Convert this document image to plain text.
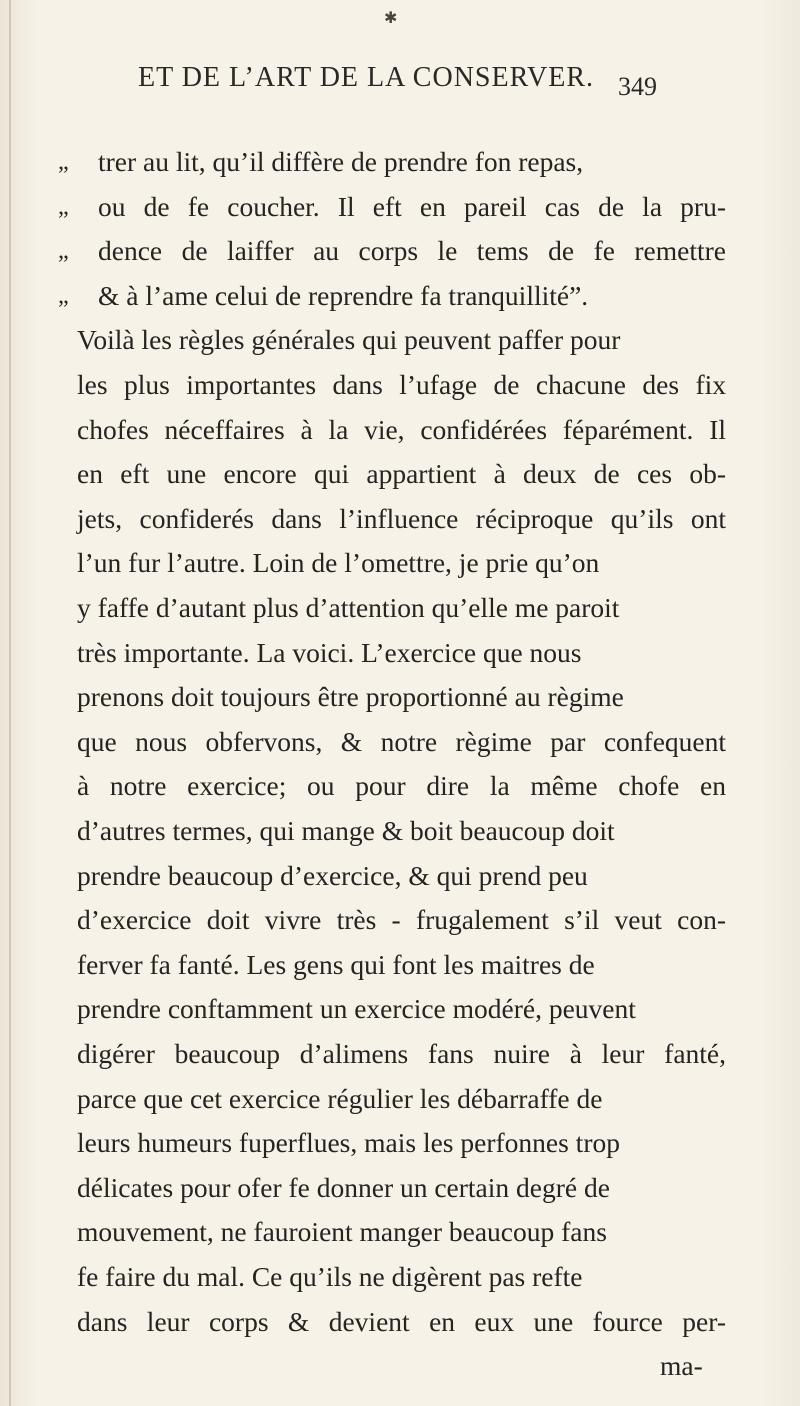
✱
ET DE L’ART DE LA CONSERVER. 349
„	trer au lit, qu’il diffère de prendre fon repas,
„	ou de fe coucher. Il eft en pareil cas de la pru-
„	dence de laiffer au corps le tems de fe remettre
„	& à l’ame celui de reprendre fa tranquillité”.
Voilà les règles générales qui peuvent paffer pour
les plus importantes dans l’ufage de chacune des fix
chofes néceffaires à la vie, confidérées féparément. Il
en eft une encore qui appartient à deux de ces ob-
jets, confiderés dans l’influence réciproque qu’ils ont
l’un fur l’autre. Loin de l’omettre, je prie qu’on
y faffe d’autant plus d’attention qu’elle me paroit
très importante. La voici. L’exercice que nous
prenons doit toujours être proportionné au règime
que nous obfervons, & notre règime par confequent
à notre exercice; ou pour dire la même chofe en
d’autres termes, qui mange & boit beaucoup doit
prendre beaucoup d’exercice, & qui prend peu
d’exercice doit vivre très - frugalement s’il veut con-
ferver fa fanté. Les gens qui font les maitres de
prendre conftamment un exercice modéré, peuvent
digérer beaucoup d’alimens fans nuire à leur fanté,
parce que cet exercice régulier les débarraffe de
leurs humeurs fuperflues, mais les perfonnes trop
délicates pour ofer fe donner un certain degré de
mouvement, ne fauroient manger beaucoup fans
fe faire du mal. Ce qu’ils ne digèrent pas refte
dans leur corps & devient en eux une fource per-
ma-
